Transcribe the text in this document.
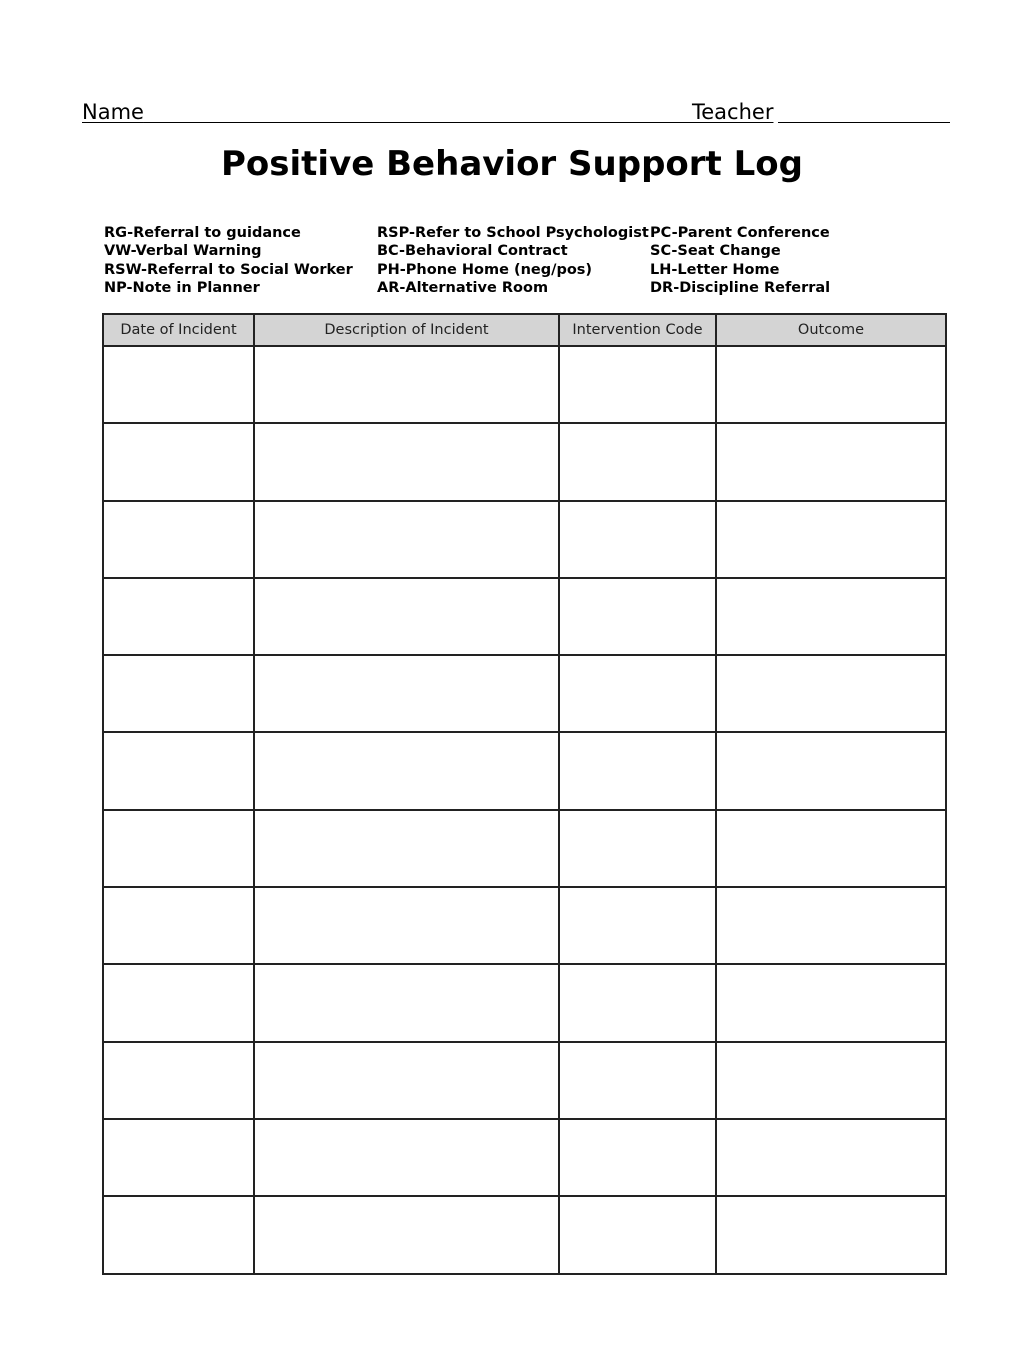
Name	Teacher
Positive Behavior Support Log
RG-Referral to guidance
VW-Verbal Warning
RSW-Referral to Social Worker
NP-Note in Planner
RSP-Refer to School Psychologist
BC-Behavioral Contract
PH-Phone Home (neg/pos)
AR-Alternative Room
PC-Parent Conference
SC-Seat Change
LH-Letter Home
DR-Discipline Referral
Date of Incident	Description of Incident	Intervention Code	Outcome
